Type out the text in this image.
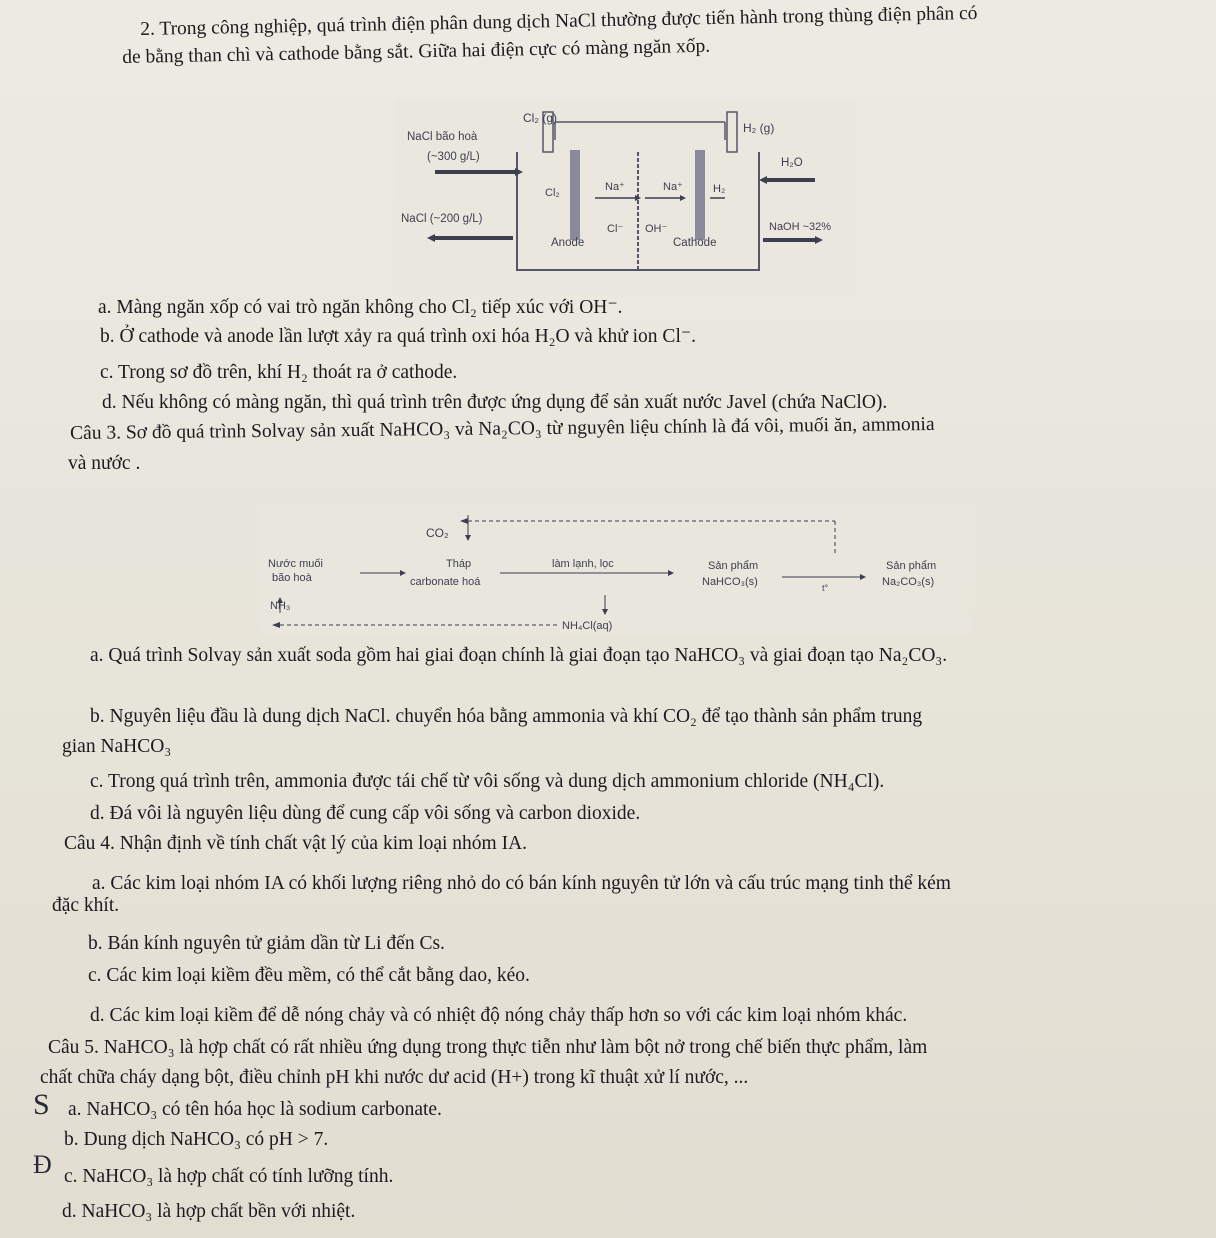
2. Trong công nghiệp, quá trình điện phân dung dịch NaCl thường được tiến hành trong thùng điện phân có
de bằng than chì và cathode bằng sắt. Giữa hai điện cực có màng ngăn xốp.
Cl₂ (g)
H₂ (g)
NaCl bão hoà
(~300 g/L)	H₂O
Cl₂	Na⁺	Na⁺	H₂
NaCl (~200 g/L)
Cl⁻ OH⁻	NaOH ~32%
Anode	Cathode
a. Màng ngăn xốp có vai trò ngăn không cho Cl₂ tiếp xúc với OH⁻.
b. Ở cathode và anode lần lượt xảy ra quá trình oxi hóa H₂O và khử ion Cl⁻.
c. Trong sơ đồ trên, khí H₂ thoát ra ở cathode.
d. Nếu không có màng ngăn, thì quá trình trên được ứng dụng để sản xuất nước Javel (chứa NaClO).
Câu 3. Sơ đồ quá trình Solvay sản xuất NaHCO₃ và Na₂CO₃ từ nguyên liệu chính là đá vôi, muối ăn, ammonia
và nước .
CO₂
Nước muối
bão hoà
Tháp
carbonate hoá
làm lạnh, lọc	Sản phẩm
NaHCO₃(s)	t°
Sản phẩm
Na₂CO₃(s)
NH₃
NH₄Cl(aq)
a. Quá trình Solvay sản xuất soda gồm hai giai đoạn chính là giai đoạn tạo NaHCO₃ và giai đoạn tạo Na₂CO₃.
b. Nguyên liệu đầu là dung dịch NaCl. chuyển hóa bằng ammonia và khí CO₂ để tạo thành sản phẩm trung
gian NaHCO₃
c. Trong quá trình trên, ammonia được tái chế từ vôi sống và dung dịch ammonium chloride (NH₄Cl).
d. Đá vôi là nguyên liệu dùng để cung cấp vôi sống và carbon dioxide.
Câu 4. Nhận định về tính chất vật lý của kim loại nhóm IA.
a. Các kim loại nhóm IA có khối lượng riêng nhỏ do có bán kính nguyên tử lớn và cấu trúc mạng tinh thể kém
đặc khít.
b. Bán kính nguyên tử giảm dần từ Li đến Cs.
c. Các kim loại kiềm đều mềm, có thể cắt bằng dao, kéo.
d. Các kim loại kiềm để dễ nóng chảy và có nhiệt độ nóng chảy thấp hơn so với các kim loại nhóm khác.
Câu 5. NaHCO₃ là hợp chất có rất nhiều ứng dụng trong thực tiễn như làm bột nở trong chế biến thực phẩm, làm
chất chữa cháy dạng bột, điều chỉnh pH khi nước dư acid (H+) trong kĩ thuật xử lí nước, ...
S a. NaHCO₃ có tên hóa học là sodium carbonate.
b. Dung dịch NaHCO₃ có pH > 7.
Đ c. NaHCO₃ là hợp chất có tính lưỡng tính.
d. NaHCO₃ là hợp chất bền với nhiệt.
